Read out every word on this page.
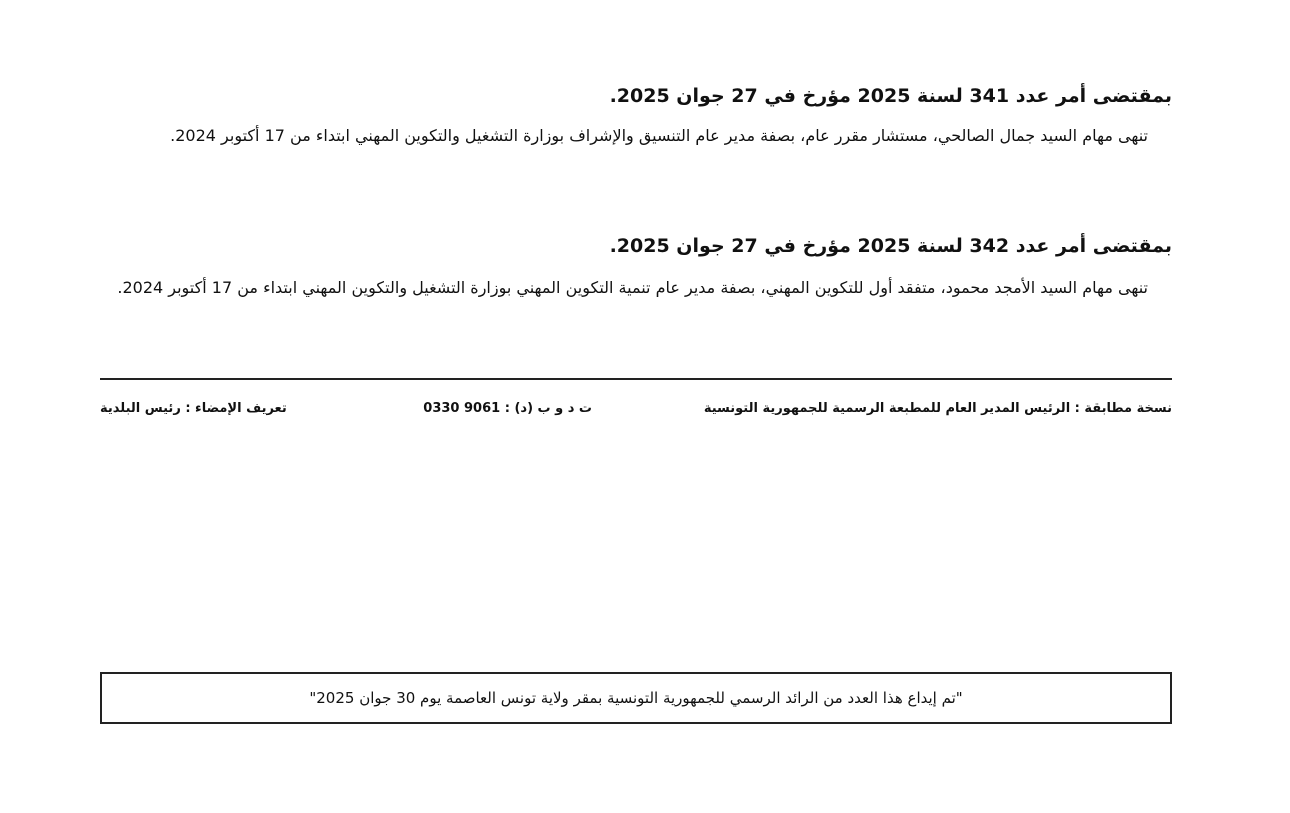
بمقتضى أمر عدد 341 لسنة 2025 مؤرخ في 27 جوان 2025.
تنهى مهام السيد جمال الصالحي، مستشار مقرر عام، بصفة مدير عام التنسيق والإشراف بوزارة التشغيل والتكوين المهني ابتداء من 17 أكتوبر 2024.
بمقتضى أمر عدد 342 لسنة 2025 مؤرخ في 27 جوان 2025.
تنهى مهام السيد الأمجد محمود، متفقد أول للتكوين المهني، بصفة مدير عام تنمية التكوين المهني بوزارة التشغيل والتكوين المهني ابتداء من 17 أكتوبر 2024.
نسخة مطابقة : الرئيس المدير العام للمطبعة الرسمية للجمهورية التونسية
ت د و ب (د) : 9061 0330
تعريف الإمضاء : رئيس البلدية
"تم إيداع هذا العدد من الرائد الرسمي للجمهورية التونسية بمقر ولاية تونس العاصمة يوم 30 جوان 2025"
